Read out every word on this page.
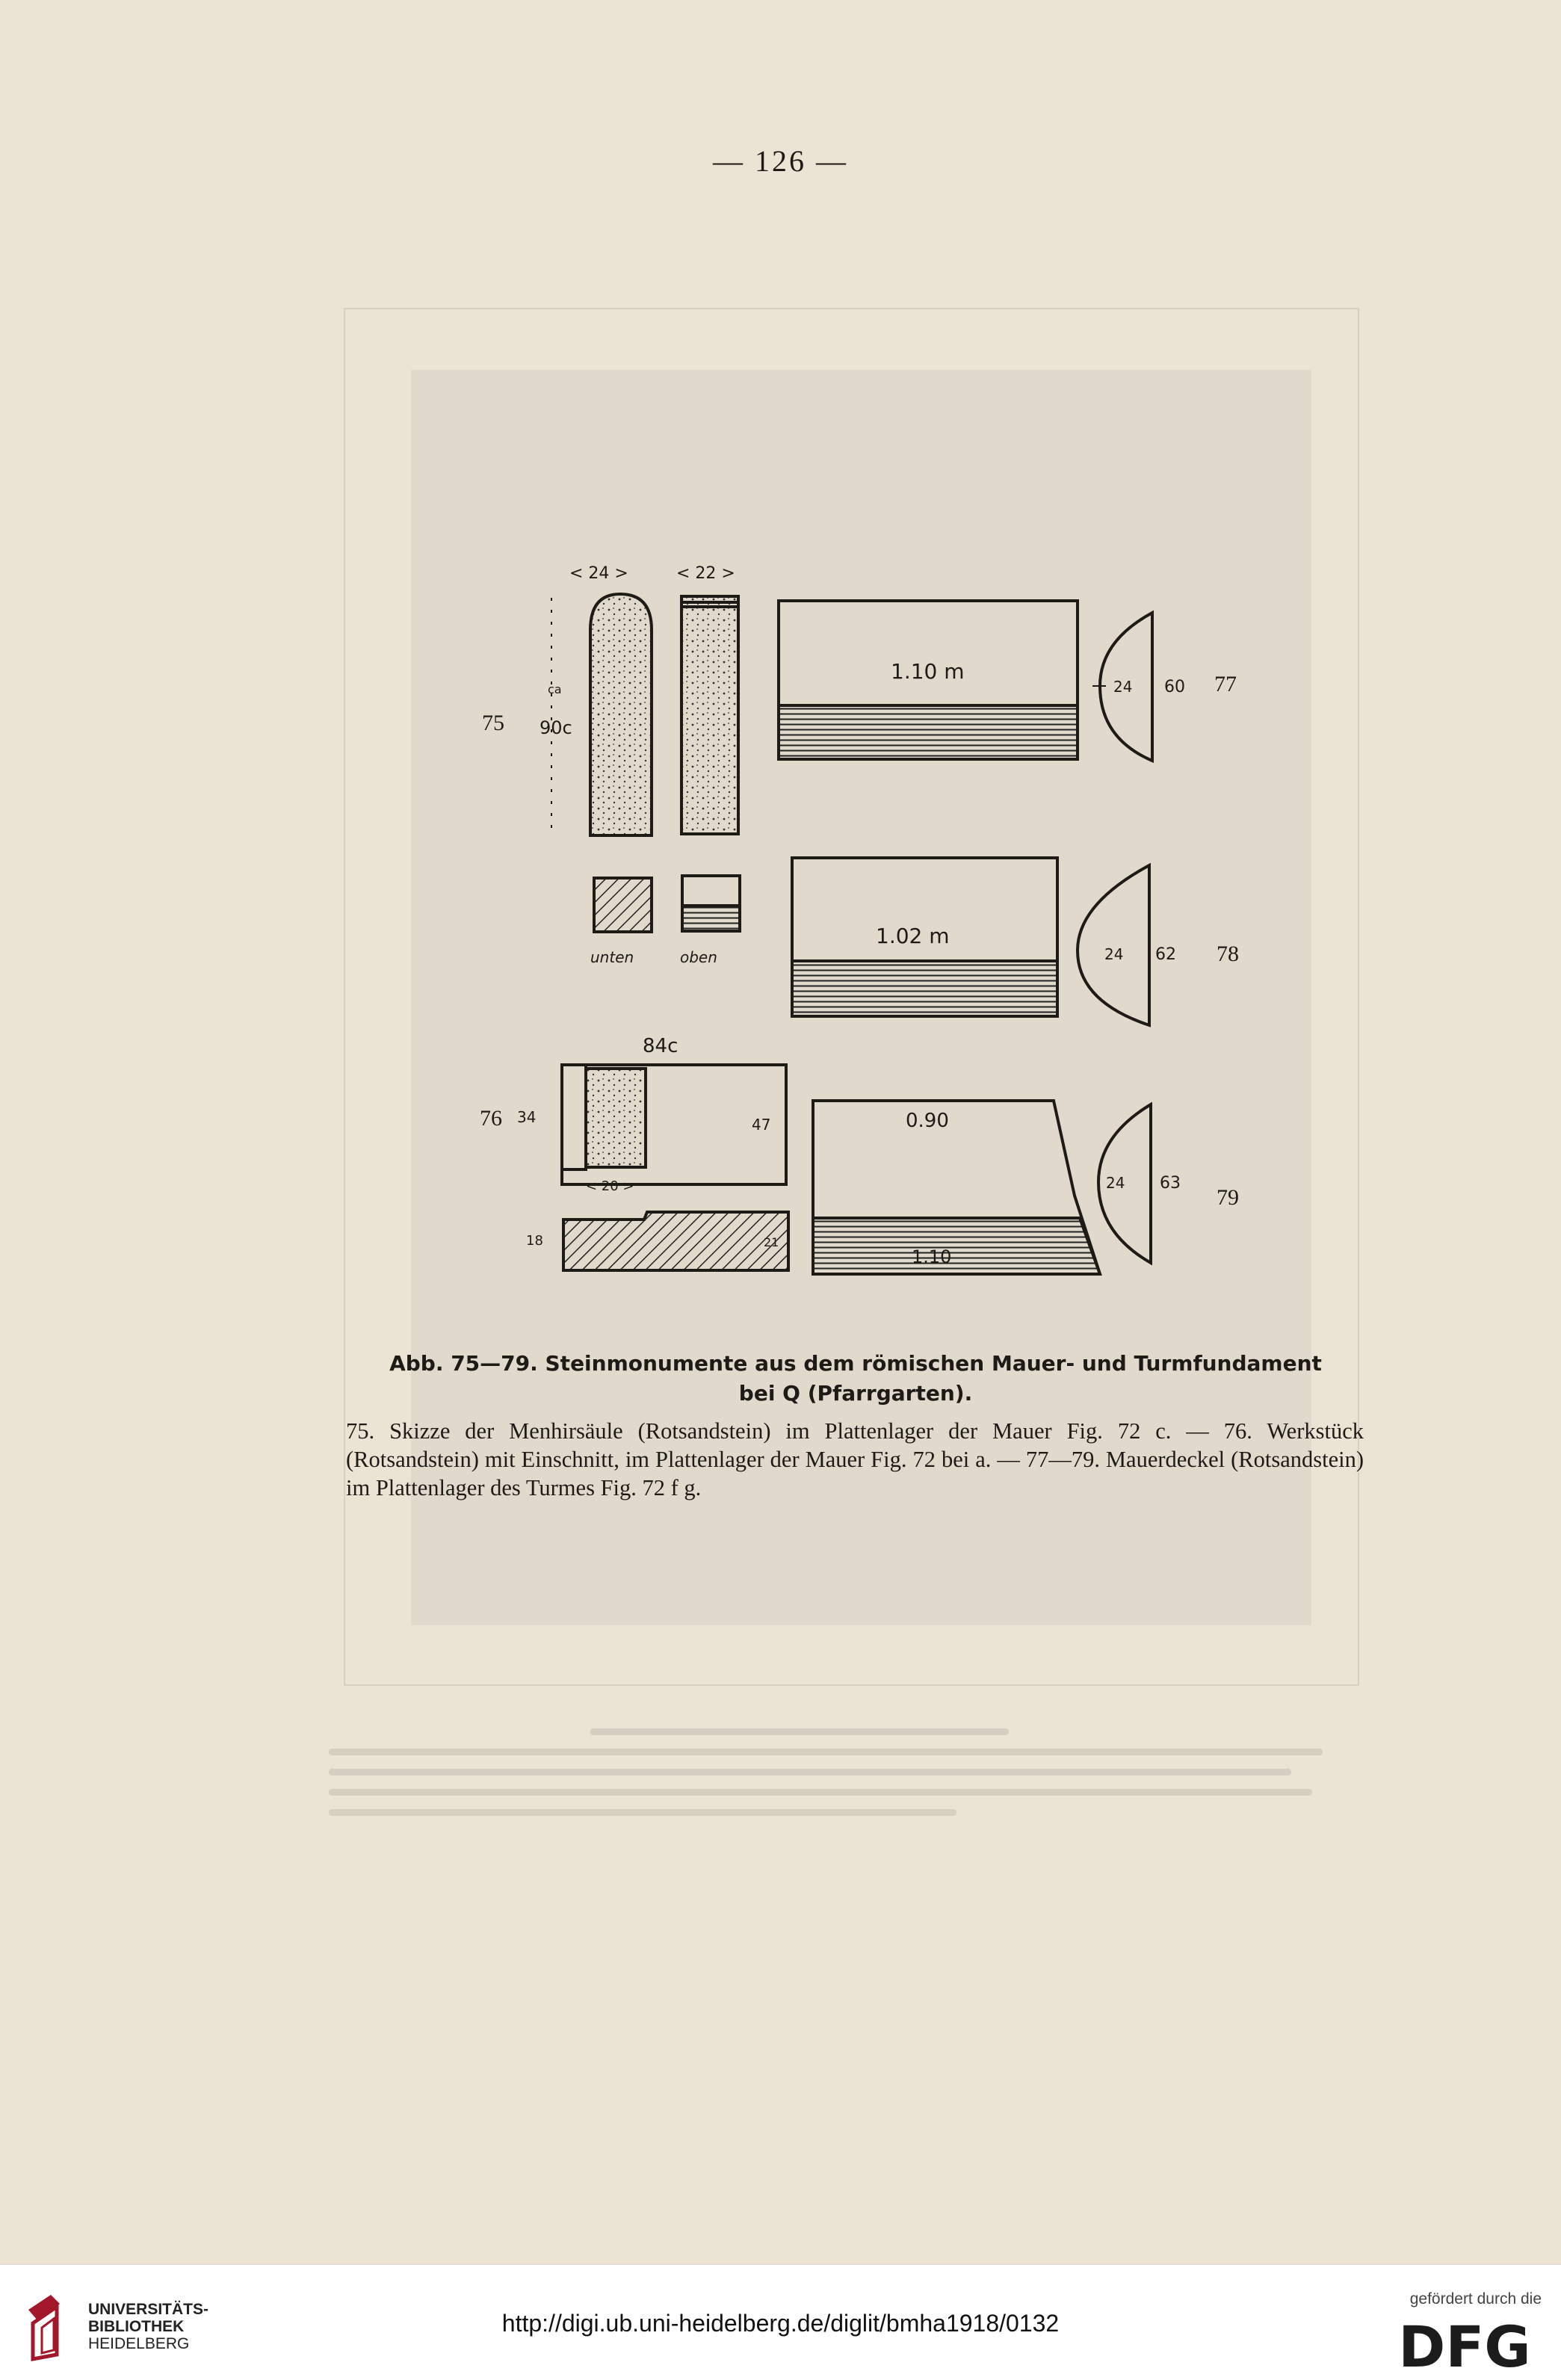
— 126 —
75
< 24 >	< 22 >
ca
90c
unten	oben
1.10 m
24 60 77
1.02 m
24 62 78
76
84c
34	47
< 20 >
18	21
0.90
1.10
24 63
79
Abb. 75—79. Steinmonumente aus dem römischen Mauer- und Turmfundament
bei Q (Pfarrgarten).

75. Skizze der Menhirsäule (Rotsandstein) im Plattenlager der Mauer Fig. 72 c. — 76. Werkstück (Rotsandstein) mit Einschnitt, im Plattenlager der Mauer Fig. 72 bei a. — 77—79. Mauerdeckel (Rotsandstein) im Plattenlager des Turmes Fig. 72 f g.

UNIVERSITÄTS-
BIBLIOTHEK
HEIDELBERG
http://digi.ub.uni-heidelberg.de/diglit/bmha1918/0132
gefördert durch die
DFG
